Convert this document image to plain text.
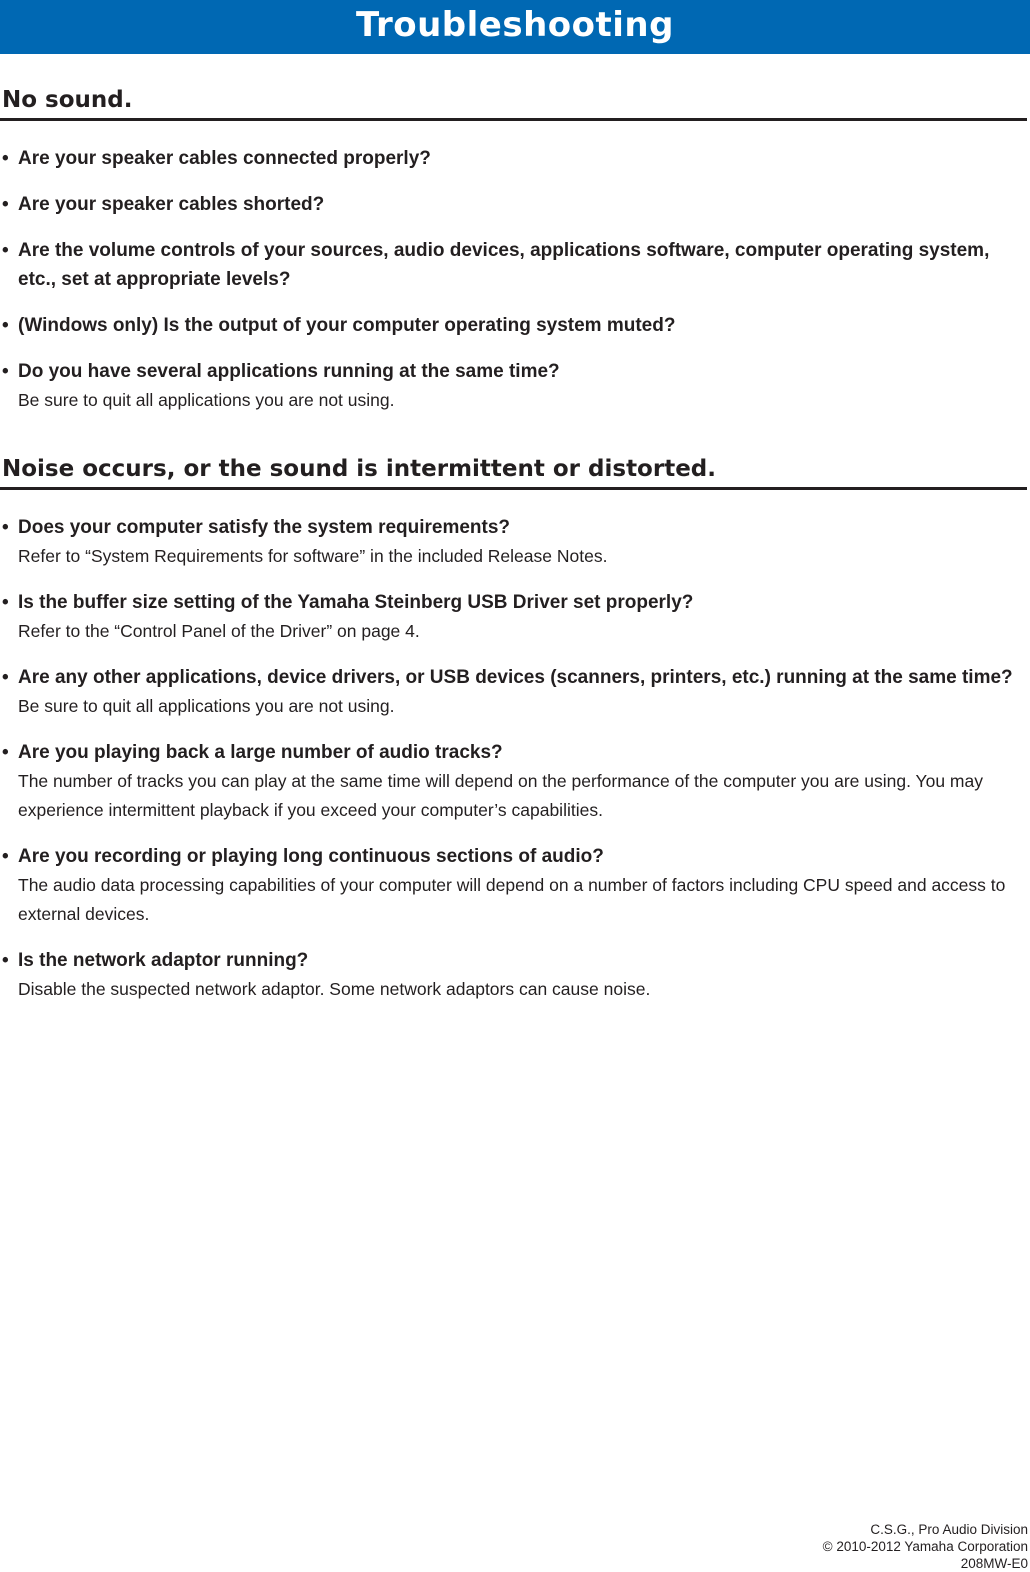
Troubleshooting
No sound.
• Are your speaker cables connected properly?
• Are your speaker cables shorted?
• Are the volume controls of your sources, audio devices, applications software, computer operating system, etc., set at appropriate levels?
• (Windows only) Is the output of your computer operating system muted?
• Do you have several applications running at the same time?
Be sure to quit all applications you are not using.
Noise occurs, or the sound is intermittent or distorted.
• Does your computer satisfy the system requirements?
Refer to “System Requirements for software” in the included Release Notes.
• Is the buffer size setting of the Yamaha Steinberg USB Driver set properly?
Refer to the “Control Panel of the Driver” on page 4.
• Are any other applications, device drivers, or USB devices (scanners, printers, etc.) running at the same time?
Be sure to quit all applications you are not using.
• Are you playing back a large number of audio tracks?
The number of tracks you can play at the same time will depend on the performance of the computer you are using. You may experience intermittent playback if you exceed your computer’s capabilities.
• Are you recording or playing long continuous sections of audio?
The audio data processing capabilities of your computer will depend on a number of factors including CPU speed and access to external devices.
• Is the network adaptor running?
Disable the suspected network adaptor. Some network adaptors can cause noise.
C.S.G., Pro Audio Division
© 2010-2012 Yamaha Corporation
208MW-E0
